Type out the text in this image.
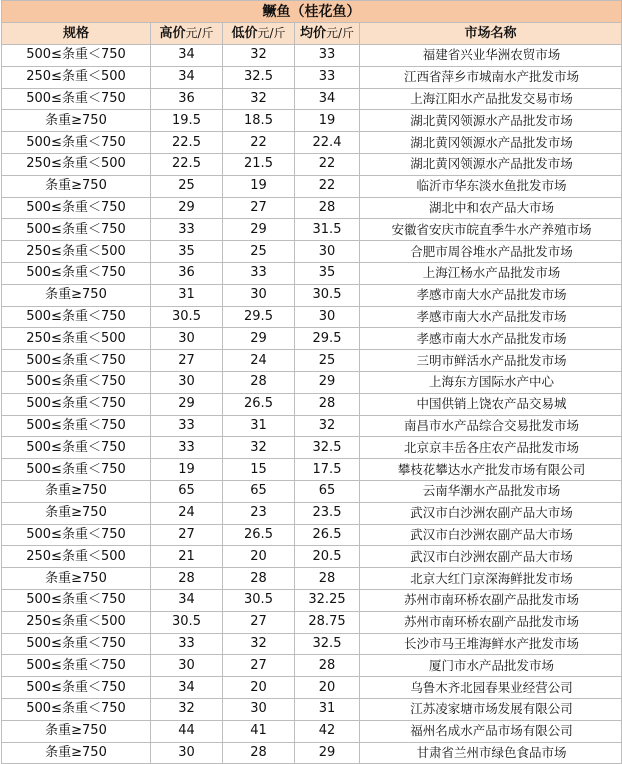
鳜鱼（桂花鱼）				
规格	高价元/斤	低价元/斤	均价元/斤	市场名称
500≤条重＜750	34	32	33	福建省兴业华洲农贸市场
250≤条重＜500	34	32.5	33	江西省萍乡市城南水产批发市场
500≤条重＜750	36	32	34	上海江阳水产品批发交易市场
条重≥750	19.5	18.5	19	湖北黄冈领源水产品批发市场
500≤条重＜750	22.5	22	22.4	湖北黄冈领源水产品批发市场
250≤条重＜500	22.5	21.5	22	湖北黄冈领源水产品批发市场
条重≥750	25	19	22	临沂市华东淡水鱼批发市场
500≤条重＜750	29	27	28	湖北中和农产品大市场
500≤条重＜750	33	29	31.5	安徽省安庆市皖直季牛水产养殖市场
250≤条重＜500	35	25	30	合肥市周谷堆水产品批发市场
500≤条重＜750	36	33	35	上海江杨水产品批发市场
条重≥750	31	30	30.5	孝感市南大水产品批发市场
500≤条重＜750	30.5	29.5	30	孝感市南大水产品批发市场
250≤条重＜500	30	29	29.5	孝感市南大水产品批发市场
500≤条重＜750	27	24	25	三明市鲜活水产品批发市场
500≤条重＜750	30	28	29	上海东方国际水产中心
500≤条重＜750	29	26.5	28	中国供销上饶农产品交易城
500≤条重＜750	33	31	32	南昌市水产品综合交易批发市场
500≤条重＜750	33	32	32.5	北京京丰岳各庄农产品批发市场
500≤条重＜750	19	15	17.5	攀枝花攀达水产批发市场有限公司
条重≥750	65	65	65	云南华潮水产品批发市场
条重≥750	24	23	23.5	武汉市白沙洲农副产品大市场
500≤条重＜750	27	26.5	26.5	武汉市白沙洲农副产品大市场
250≤条重＜500	21	20	20.5	武汉市白沙洲农副产品大市场
条重≥750	28	28	28	北京大红门京深海鲜批发市场
500≤条重＜750	34	30.5	32.25	苏州市南环桥农副产品批发市场
250≤条重＜500	30.5	27	28.75	苏州市南环桥农副产品批发市场
500≤条重＜750	33	32	32.5	长沙市马王堆海鲜水产批发市场
500≤条重＜750	30	27	28	厦门市水产品批发市场
500≤条重＜750	34	20	20	乌鲁木齐北园春果业经营公司
500≤条重＜750	32	30	31	江苏凌家塘市场发展有限公司
条重≥750	44	41	42	福州名成水产品市场有限公司
条重≥750	30	28	29	甘肃省兰州市绿色食品市场
